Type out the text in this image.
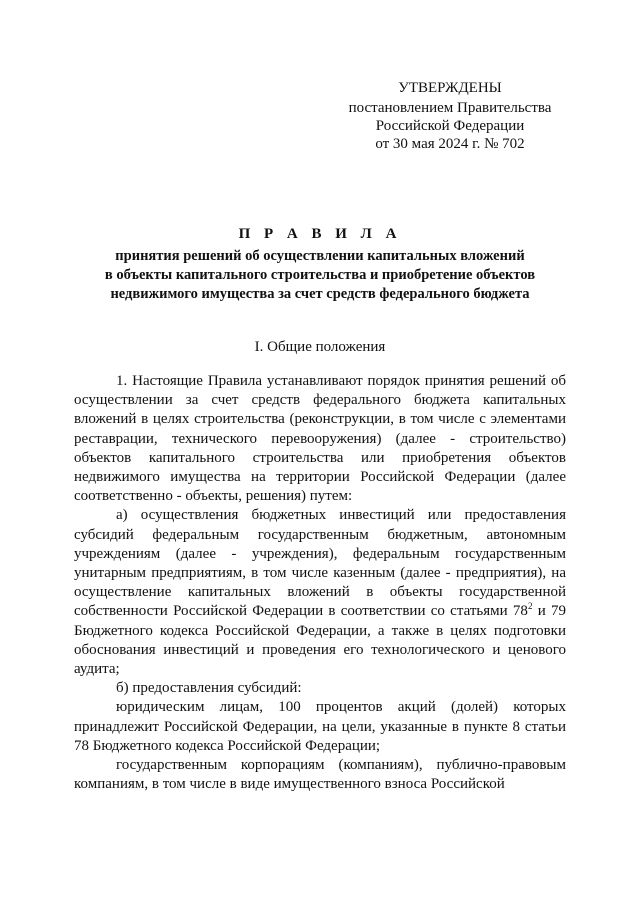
УТВЕРЖДЕНЫ
постановлением Правительства
Российской Федерации
от 30 мая 2024 г. № 702
П Р А В И Л А
принятия решений об осуществлении капитальных вложений
в объекты капитального строительства и приобретение объектов
недвижимого имущества за счет средств федерального бюджета
I. Общие положения

1. Настоящие Правила устанавливают порядок принятия решений об осуществлении за счет средств федерального бюджета капитальных вложений в целях строительства (реконструкции, в том числе с элементами реставрации, технического перевооружения) (далее - строительство) объектов капитального строительства или приобретения объектов недвижимого имущества на территории Российской Федерации (далее соответственно - объекты, решения) путем:

а) осуществления бюджетных инвестиций или предоставления субсидий федеральным государственным бюджетным, автономным учреждениям (далее - учреждения), федеральным государственным унитарным предприятиям, в том числе казенным (далее - предприятия), на осуществление капитальных вложений в объекты государственной собственности Российской Федерации в соответствии со статьями $78^2$ и 79 Бюджетного кодекса Российской Федерации, а также в целях подготовки обоснования инвестиций и проведения его технологического и ценового аудита;

б) предоставления субсидий:

юридическим лицам, 100 процентов акций (долей) которых принадлежит Российской Федерации, на цели, указанные в пункте 8 статьи 78 Бюджетного кодекса Российской Федерации;

государственным корпорациям (компаниям), публично-правовым компаниям, в том числе в виде имущественного взноса Российской
